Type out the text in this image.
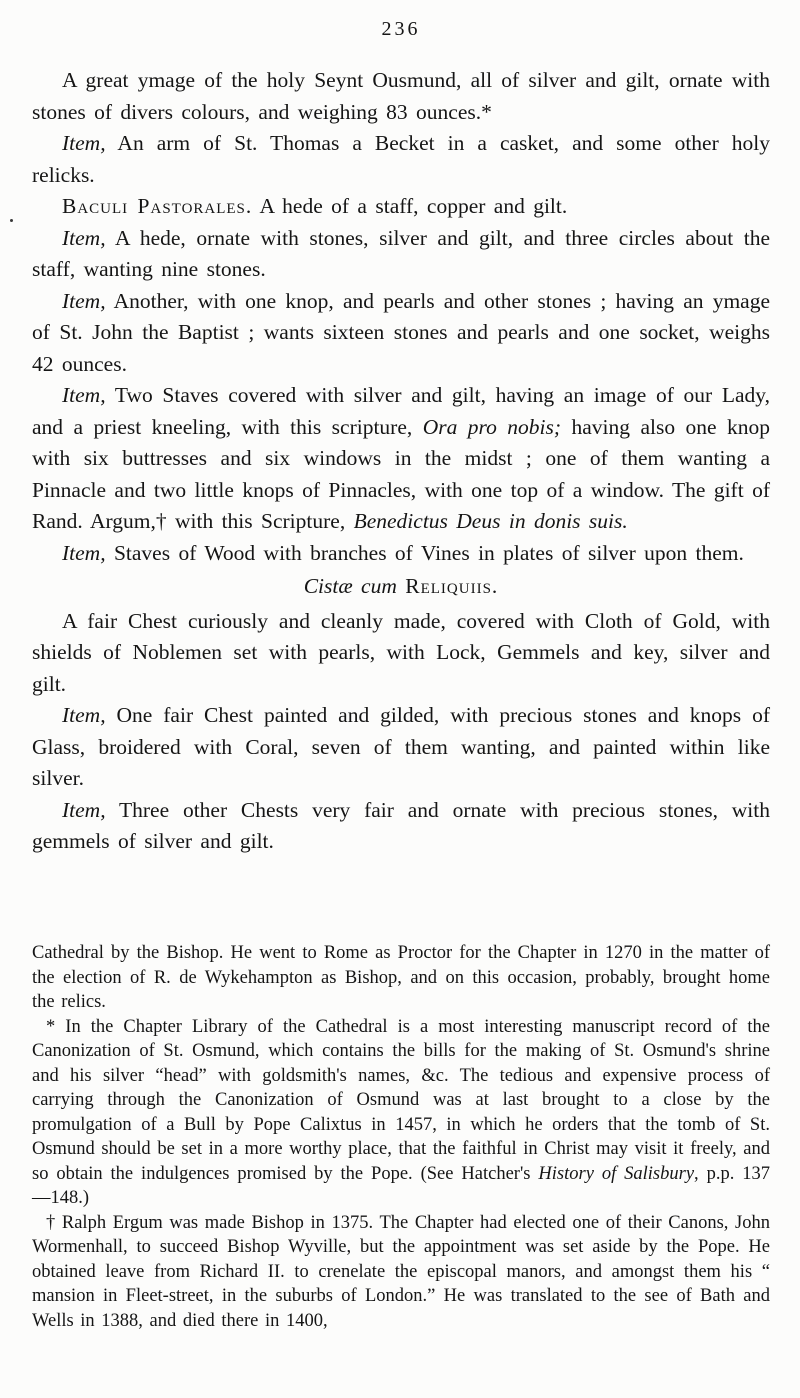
236

A great ymage of the holy Seynt Ousmund, all of silver and gilt, ornate with stones of divers colours, and weighing 83 ounces.*

Item, An arm of St. Thomas a Becket in a casket, and some other holy relicks.

Baculi Pastorales. A hede of a staff, copper and gilt.

Item, A hede, ornate with stones, silver and gilt, and three circles about the staff, wanting nine stones.

Item, Another, with one knop, and pearls and other stones ; having an ymage of St. John the Baptist ; wants sixteen stones and pearls and one socket, weighs 42 ounces.

Item, Two Staves covered with silver and gilt, having an image of our Lady, and a priest kneeling, with this scripture, Ora pro nobis; having also one knop with six buttresses and six windows in the midst ; one of them wanting a Pinnacle and two little knops of Pinnacles, with one top of a window. The gift of Rand. Argum,† with this Scripture, Benedictus Deus in donis suis.

Item, Staves of Wood with branches of Vines in plates of silver upon them.

Cistæ cum Reliquiis.

A fair Chest curiously and cleanly made, covered with Cloth of Gold, with shields of Noblemen set with pearls, with Lock, Gemmels and key, silver and gilt.

Item, One fair Chest painted and gilded, with precious stones and knops of Glass, broidered with Coral, seven of them wanting, and painted within like silver.

Item, Three other Chests very fair and ornate with precious stones, with gemmels of silver and gilt.

Cathedral by the Bishop. He went to Rome as Proctor for the Chapter in 1270 in the matter of the election of R. de Wykehampton as Bishop, and on this occasion, probably, brought home the relics.

* In the Chapter Library of the Cathedral is a most interesting manuscript record of the Canonization of St. Osmund, which contains the bills for the making of St. Osmund's shrine and his silver “head” with goldsmith's names, &c. The tedious and expensive process of carrying through the Canonization of Osmund was at last brought to a close by the promulgation of a Bull by Pope Calixtus in 1457, in which he orders that the tomb of St. Osmund should be set in a more worthy place, that the faithful in Christ may visit it freely, and so obtain the indulgences promised by the Pope. (See Hatcher's History of Salisbury, p.p. 137—148.)

† Ralph Ergum was made Bishop in 1375. The Chapter had elected one of their Canons, John Wormenhall, to succeed Bishop Wyville, but the appointment was set aside by the Pope. He obtained leave from Richard II. to crenelate the episcopal manors, and amongst them his “ mansion in Fleet-street, in the suburbs of London.” He was translated to the see of Bath and Wells in 1388, and died there in 1400,
